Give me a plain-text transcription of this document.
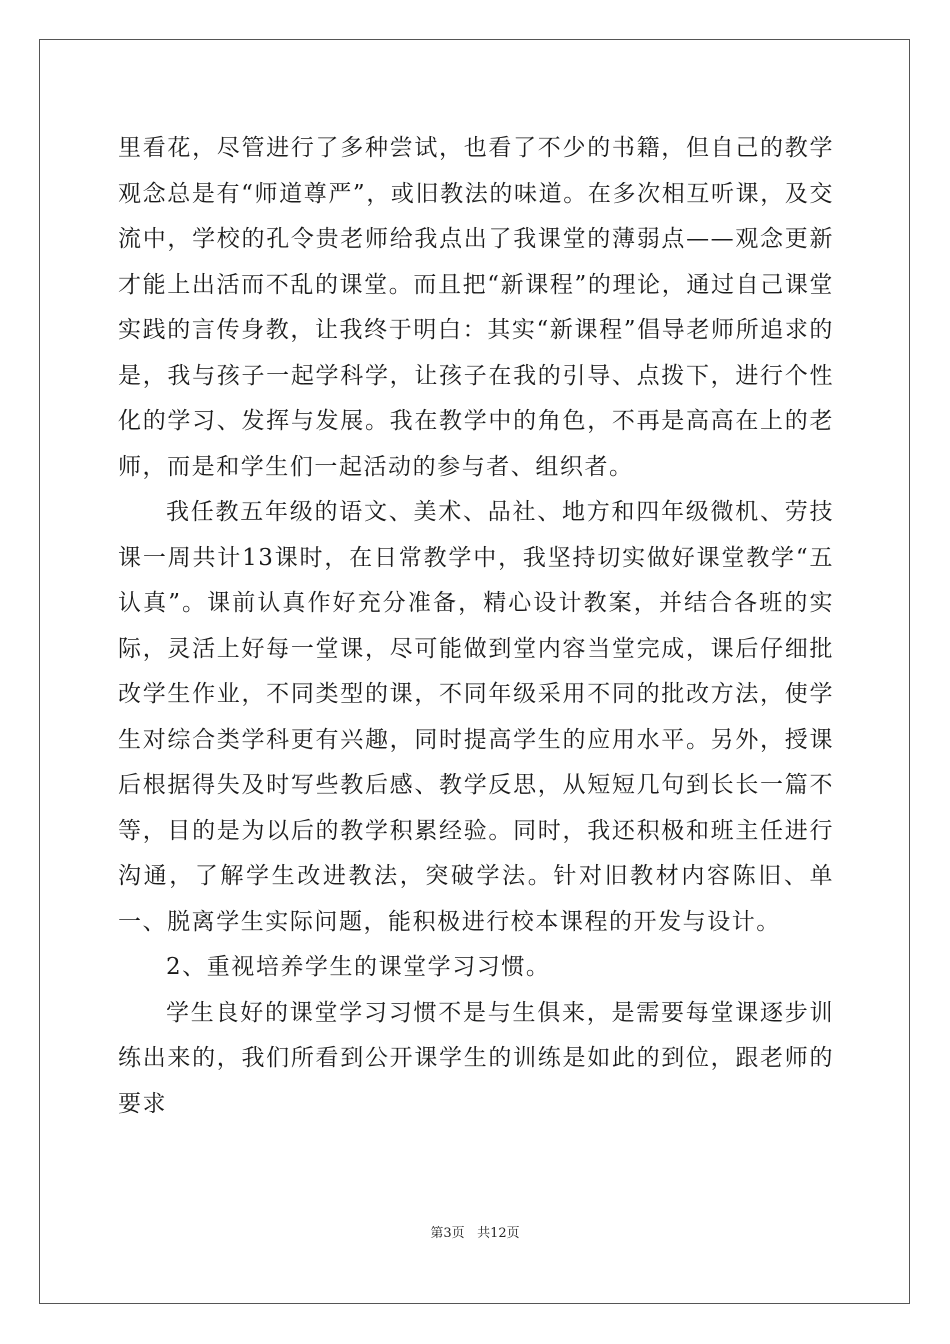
里看花，尽管进行了多种尝试，也看了不少的书籍，但自己的教学观念总是有“师道尊严”，或旧教法的味道。在多次相互听课，及交流中，学校的孔令贵老师给我点出了我课堂的薄弱点——观念更新才能上出活而不乱的课堂。而且把“新课程”的理论，通过自己课堂实践的言传身教，让我终于明白：其实“新课程”倡导老师所追求的是，我与孩子一起学科学，让孩子在我的引导、点拨下，进行个性化的学习、发挥与发展。我在教学中的角色，不再是高高在上的老师，而是和学生们一起活动的参与者、组织者。

我任教五年级的语文、美术、品社、地方和四年级微机、劳技课一周共计13课时，在日常教学中，我坚持切实做好课堂教学“五认真”。课前认真作好充分准备，精心设计教案，并结合各班的实际，灵活上好每一堂课，尽可能做到堂内容当堂完成，课后仔细批改学生作业，不同类型的课，不同年级采用不同的批改方法，使学生对综合类学科更有兴趣，同时提高学生的应用水平。另外，授课后根据得失及时写些教后感、教学反思，从短短几句到长长一篇不等，目的是为以后的教学积累经验。同时，我还积极和班主任进行沟通，了解学生改进教法，突破学法。针对旧教材内容陈旧、单一、脱离学生实际问题，能积极进行校本课程的开发与设计。

2、重视培养学生的课堂学习习惯。

学生良好的课堂学习习惯不是与生俱来，是需要每堂课逐步训练出来的，我们所看到公开课学生的训练是如此的到位，跟老师的要求

第3页 共12页
